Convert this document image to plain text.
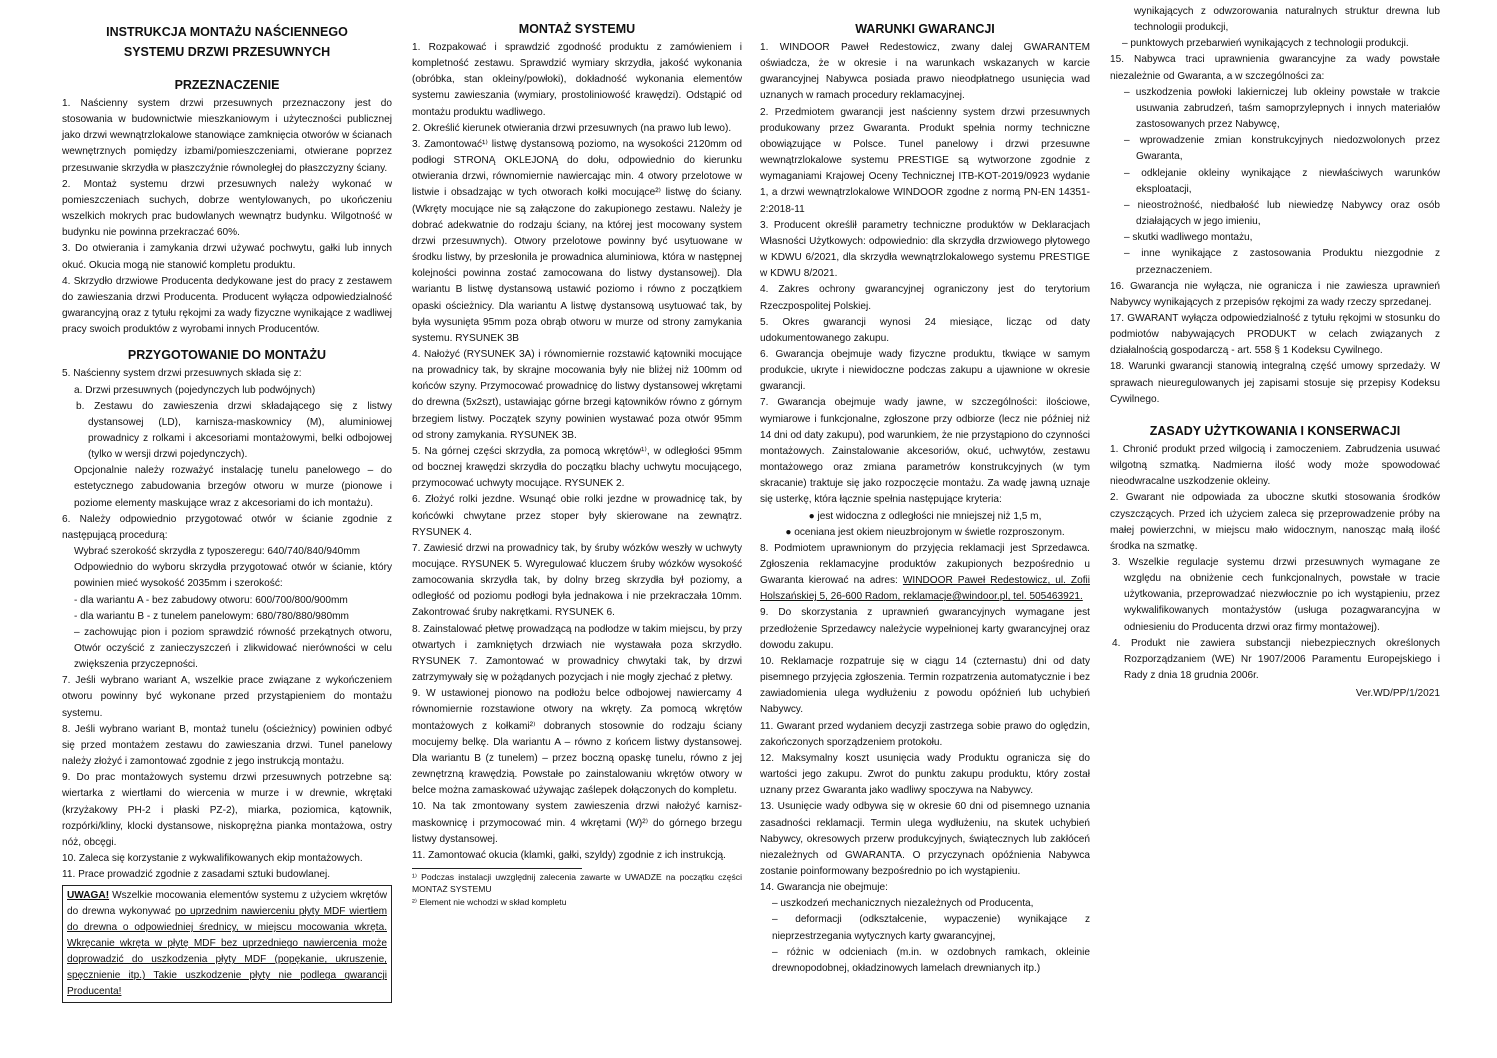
INSTRUKCJA MONTAŻU NAŚCIENNEGO

SYSTEMU DRZWI PRZESUWNYCH

PRZEZNACZENIE

1. Naścienny system drzwi przesuwnych przeznaczony jest do stosowania w budownictwie mieszkaniowym i użyteczności publicznej jako drzwi wewnątrzlokalowe stanowiące zamknięcia otworów w ścianach wewnętrznych pomiędzy izbami/pomieszczeniami, otwierane poprzez przesuwanie skrzydła w płaszczyźnie równoległej do płaszczyzny ściany.

2. Montaż systemu drzwi przesuwnych należy wykonać w pomieszczeniach suchych, dobrze wentylowanych, po ukończeniu wszelkich mokrych prac budowlanych wewnątrz budynku. Wilgotność w budynku nie powinna przekraczać 60%.

3. Do otwierania i zamykania drzwi używać pochwytu, gałki lub innych okuć. Okucia mogą nie stanowić kompletu produktu.

4. Skrzydło drzwiowe Producenta dedykowane jest do pracy z zestawem do zawieszania drzwi Producenta. Producent wyłącza odpowiedzialność gwarancyjną oraz z tytułu rękojmi za wady fizyczne wynikające z wadliwej pracy swoich produktów z wyrobami innych Producentów.

PRZYGOTOWANIE DO MONTAŻU

5. Naścienny system drzwi przesuwnych składa się z:

a. Drzwi przesuwnych (pojedynczych lub podwójnych)

b. Zestawu do zawieszenia drzwi składającego się z listwy dystansowej (LD), karnisza-maskownicy (M), aluminiowej prowadnicy z rolkami i akcesoriami montażowymi, belki odbojowej (tylko w wersji drzwi pojedynczych).

Opcjonalnie należy rozważyć instalację tunelu panelowego – do estetycznego zabudowania brzegów otworu w murze (pionowe i poziome elementy maskujące wraz z akcesoriami do ich montażu).

6. Należy odpowiednio przygotować otwór w ścianie zgodnie z następującą procedurą:

Wybrać szerokość skrzydła z typoszeregu: 640/740/840/940mm

Odpowiednio do wyboru skrzydła przygotować otwór w ścianie, który powinien mieć wysokość 2035mm i szerokość:

- dla wariantu A - bez zabudowy otworu: 600/700/800/900mm

- dla wariantu B - z tunelem panelowym: 680/780/880/980mm

– zachowując pion i poziom sprawdzić równość przekątnych otworu, Otwór oczyścić z zanieczyszczeń i zlikwidować nierówności w celu zwiększenia przyczepności.

7. Jeśli wybrano wariant A, wszelkie prace związane z wykończeniem otworu powinny być wykonane przed przystąpieniem do montażu systemu.

8. Jeśli wybrano wariant B, montaż tunelu (ościeżnicy) powinien odbyć się przed montażem zestawu do zawieszania drzwi. Tunel panelowy należy złożyć i zamontować zgodnie z jego instrukcją montażu.

9. Do prac montażowych systemu drzwi przesuwnych potrzebne są: wiertarka z wiertłami do wiercenia w murze i w drewnie, wkrętaki (krzyżakowy PH-2 i płaski PZ-2), miarka, poziomica, kątownik, rozpórki/kliny, klocki dystansowe, niskoprężna pianka montażowa, ostry nóż, obcęgi.

10. Zaleca się korzystanie z wykwalifikowanych ekip montażowych.

11. Prace prowadzić zgodnie z zasadami sztuki budowlanej.

UWAGA! Wszelkie mocowania elementów systemu z użyciem wkrętów do drewna wykonywać po uprzednim nawierceniu płyty MDF wiertłem do drewna o odpowiedniej średnicy, w miejscu mocowania wkręta. Wkręcanie wkręta w płytę MDF bez uprzedniego nawiercenia może doprowadzić do uszkodzenia płyty MDF (popękanie, ukruszenie, spęcznienie itp.) Takie uszkodzenie płyty nie podlega gwarancji Producenta!

MONTAŻ SYSTEMU

1. Rozpakować i sprawdzić zgodność produktu z zamówieniem i kompletność zestawu. Sprawdzić wymiary skrzydła, jakość wykonania (obróbka, stan okleiny/powłoki), dokładność wykonania elementów systemu zawieszania (wymiary, prostoliniowość krawędzi). Odstąpić od montażu produktu wadliwego.

2. Określić kierunek otwierania drzwi przesuwnych (na prawo lub lewo).

3. Zamontować¹⁾ listwę dystansową poziomo, na wysokości 2120mm od podłogi STRONĄ OKLEJONĄ do dołu, odpowiednio do kierunku otwierania drzwi, równomiernie nawiercając min. 4 otwory przelotowe w listwie i obsadzając w tych otworach kołki mocujące²⁾ listwę do ściany. (Wkręty mocujące nie są załączone do zakupionego zestawu. Należy je dobrać adekwatnie do rodzaju ściany, na której jest mocowany system drzwi przesuwnych). Otwory przelotowe powinny być usytuowane w środku listwy, by przesłonila je prowadnica aluminiowa, która w następnej kolejności powinna zostać zamocowana do listwy dystansowej). Dla wariantu B listwę dystansową ustawić poziomo i równo z początkiem opaski ościeżnicy. Dla wariantu A listwę dystansową usytuować tak, by była wysunięta 95mm poza obrąb otworu w murze od strony zamykania systemu. RYSUNEK 3B

4. Nałożyć (RYSUNEK 3A) i równomiernie rozstawić kątowniki mocujące na prowadnicy tak, by skrajne mocowania były nie bliżej niż 100mm od końców szyny. Przymocować prowadnicę do listwy dystansowej wkrętami do drewna (5x2szt), ustawiając górne brzegi kątowników równo z górnym brzegiem listwy. Początek szyny powinien wystawać poza otwór 95mm od strony zamykania. RYSUNEK 3B.

5. Na górnej części skrzydła, za pomocą wkrętów¹⁾, w odległości 95mm od bocznej krawędzi skrzydła do początku blachy uchwytu mocującego, przymocować uchwyty mocujące. RYSUNEK 2.

6. Złożyć rolki jezdne. Wsunąć obie rolki jezdne w prowadnicę tak, by końcówki chwytane przez stoper były skierowane na zewnątrz. RYSUNEK 4.

7. Zawiesić drzwi na prowadnicy tak, by śruby wózków weszły w uchwyty mocujące. RYSUNEK 5. Wyregulować kluczem śruby wózków wysokość zamocowania skrzydła tak, by dolny brzeg skrzydła był poziomy, a odległość od poziomu podłogi była jednakowa i nie przekraczała 10mm. Zakontrować śruby nakrętkami. RYSUNEK 6.

8. Zainstalować płetwę prowadzącą na podłodze w takim miejscu, by przy otwartych i zamkniętych drzwiach nie wystawała poza skrzydło. RYSUNEK 7. Zamontować w prowadnicy chwytaki tak, by drzwi zatrzymywały się w pożądanych pozycjach i nie mogły zjechać z płetwy.

9. W ustawionej pionowo na podłożu belce odbojowej nawiercamy 4 równomiernie rozstawione otwory na wkręty. Za pomocą wkrętów montażowych z kołkami²⁾ dobranych stosownie do rodzaju ściany mocujemy belkę. Dla wariantu A – równo z końcem listwy dystansowej. Dla wariantu B (z tunelem) – przez boczną opaskę tunelu, równo z jej zewnętrzną krawędzią. Powstałe po zainstalowaniu wkrętów otwory w belce można zamaskować używając zaślepek dołączonych do kompletu.

10. Na tak zmontowany system zawieszenia drzwi nałożyć karnisz-maskownicę i przymocować min. 4 wkrętami (W)²⁾ do górnego brzegu listwy dystansowej.

11. Zamontować okucia (klamki, gałki, szyldy) zgodnie z ich instrukcją.

¹⁾ Podczas instalacji uwzględnij zalecenia zawarte w UWADZE na początku części MONTAŻ SYSTEMU

²⁾ Element nie wchodzi w skład kompletu

WARUNKI GWARANCJI

1. WINDOOR Paweł Redestowicz, zwany dalej GWARANTEM oświadcza, że w okresie i na warunkach wskazanych w karcie gwarancyjnej Nabywca posiada prawo nieodpłatnego usunięcia wad uznanych w ramach procedury reklamacyjnej.

2. Przedmiotem gwarancji jest naścienny system drzwi przesuwnych produkowany przez Gwaranta. Produkt spełnia normy techniczne obowiązujące w Polsce. Tunel panelowy i drzwi przesuwne wewnątrzlokalowe systemu PRESTIGE są wytworzone zgodnie z wymaganiami Krajowej Oceny Technicznej ITB-KOT-2019/0923 wydanie 1, a drzwi wewnątrzlokalowe WINDOOR zgodne z normą PN-EN 14351-2:2018-11

3. Producent określił parametry techniczne produktów w Deklaracjach Własności Użytkowych: odpowiednio: dla skrzydła drzwiowego płytowego w KDWU 6/2021, dla skrzydła wewnątrzlokalowego systemu PRESTIGE w KDWU 8/2021.

4. Zakres ochrony gwarancyjnej ograniczony jest do terytorium Rzeczpospolitej Polskiej.

5. Okres gwarancji wynosi 24 miesiące, licząc od daty udokumentowanego zakupu.

6. Gwarancja obejmuje wady fizyczne produktu, tkwiące w samym produkcie, ukryte i niewidoczne podczas zakupu a ujawnione w okresie gwarancji.

7. Gwarancja obejmuje wady jawne, w szczególności: ilościowe, wymiarowe i funkcjonalne, zgłoszone przy odbiorze (lecz nie później niż 14 dni od daty zakupu), pod warunkiem, że nie przystąpiono do czynności montażowych. Zainstalowanie akcesoriów, okuć, uchwytów, zestawu montażowego oraz zmiana parametrów konstrukcyjnych (w tym skracanie) traktuje się jako rozpoczęcie montażu. Za wadę jawną uznaje się usterkę, która łącznie spełnia następujące kryteria:

● jest widoczna z odległości nie mniejszej niż 1,5 m,

● oceniana jest okiem nieuzbrojonym w świetle rozproszonym.

8. Podmiotem uprawnionym do przyjęcia reklamacji jest Sprzedawca. Zgłoszenia reklamacyjne produktów zakupionych bezpośrednio u Gwaranta kierować na adres: WINDOOR Paweł Redestowicz, ul. Zofii Holszańskiej 5, 26-600 Radom, reklamacje@windoor.pl, tel. 505463921.

9. Do skorzystania z uprawnień gwarancyjnych wymagane jest przedłożenie Sprzedawcy należycie wypełnionej karty gwarancyjnej oraz dowodu zakupu.

10. Reklamacje rozpatruje się w ciągu 14 (czternastu) dni od daty pisemnego przyjęcia zgłoszenia. Termin rozpatrzenia automatycznie i bez zawiadomienia ulega wydłużeniu z powodu opóźnień lub uchybień Nabywcy.

11. Gwarant przed wydaniem decyzji zastrzega sobie prawo do oględzin, zakończonych sporządzeniem protokołu.

12. Maksymalny koszt usunięcia wady Produktu ogranicza się do wartości jego zakupu. Zwrot do punktu zakupu produktu, który został uznany przez Gwaranta jako wadliwy spoczywa na Nabywcy.

13. Usunięcie wady odbywa się w okresie 60 dni od pisemnego uznania zasadności reklamacji. Termin ulega wydłużeniu, na skutek uchybień Nabywcy, okresowych przerw produkcyjnych, świątecznych lub zakłóceń niezależnych od GWARANTA. O przyczynach opóźnienia Nabywca zostanie poinformowany bezpośrednio po ich wystąpieniu.

14. Gwarancja nie obejmuje:

– uszkodzeń mechanicznych niezależnych od Producenta,

– deformacji (odkształcenie, wypaczenie) wynikające z nieprzestrzegania wytycznych karty gwarancyjnej,

– różnic w odcieniach (m.in. w ozdobnych ramkach, okleinie drewnopodobnej, okładzinowych lamelach drewnianych itp.)

wynikających z odwzorowania naturalnych struktur drewna lub technologii produkcji,

– punktowych przebarwień wynikających z technologii produkcji.

15. Nabywca traci uprawnienia gwarancyjne za wady powstałe niezależnie od Gwaranta, a w szczególności za:

– uszkodzenia powłoki lakierniczej lub okleiny powstałe w trakcie usuwania zabrudzeń, taśm samoprzylepnych i innych materiałów zastosowanych przez Nabywcę,

– wprowadzenie zmian konstrukcyjnych niedozwolonych przez Gwaranta,

– odklejanie okleiny wynikające z niewłaściwych warunków eksploatacji,

– nieostrożność, niedbałość lub niewiedzę Nabywcy oraz osób działających w jego imieniu,

– skutki wadliwego montażu,

– inne wynikające z zastosowania Produktu niezgodnie z przeznaczeniem.

16. Gwarancja nie wyłącza, nie ogranicza i nie zawiesza uprawnień Nabywcy wynikających z przepisów rękojmi za wady rzeczy sprzedanej.

17. GWARANT wyłącza odpowiedzialność z tytułu rękojmi w stosunku do podmiotów nabywających PRODUKT w celach związanych z działalnością gospodarczą - art. 558 § 1 Kodeksu Cywilnego.

18. Warunki gwarancji stanowią integralną część umowy sprzedaży. W sprawach nieuregulowanych jej zapisami stosuje się przepisy Kodeksu Cywilnego.

ZASADY UŻYTKOWANIA I KONSERWACJI

1. Chronić produkt przed wilgocią i zamoczeniem. Zabrudzenia usuwać wilgotną szmatką. Nadmierna ilość wody może spowodować nieodwracalne uszkodzenie okleiny.

2. Gwarant nie odpowiada za uboczne skutki stosowania środków czyszczących. Przed ich użyciem zaleca się przeprowadzenie próby na małej powierzchni, w miejscu mało widocznym, nanosząc małą ilość środka na szmatkę.

3. Wszelkie regulacje systemu drzwi przesuwnych wymagane ze względu na obniżenie cech funkcjonalnych, powstałe w tracie użytkowania, przeprowadzać niezwłocznie po ich wystąpieniu, przez wykwalifikowanych montażystów (usługa pozagwarancyjna w odniesieniu do Producenta drzwi oraz firmy montażowej).

4. Produkt nie zawiera substancji niebezpiecznych określonych Rozporządzaniem (WE) Nr 1907/2006 Paramentu Europejskiego i Rady z dnia 18 grudnia 2006r.

Ver.WD/PP/1/2021
